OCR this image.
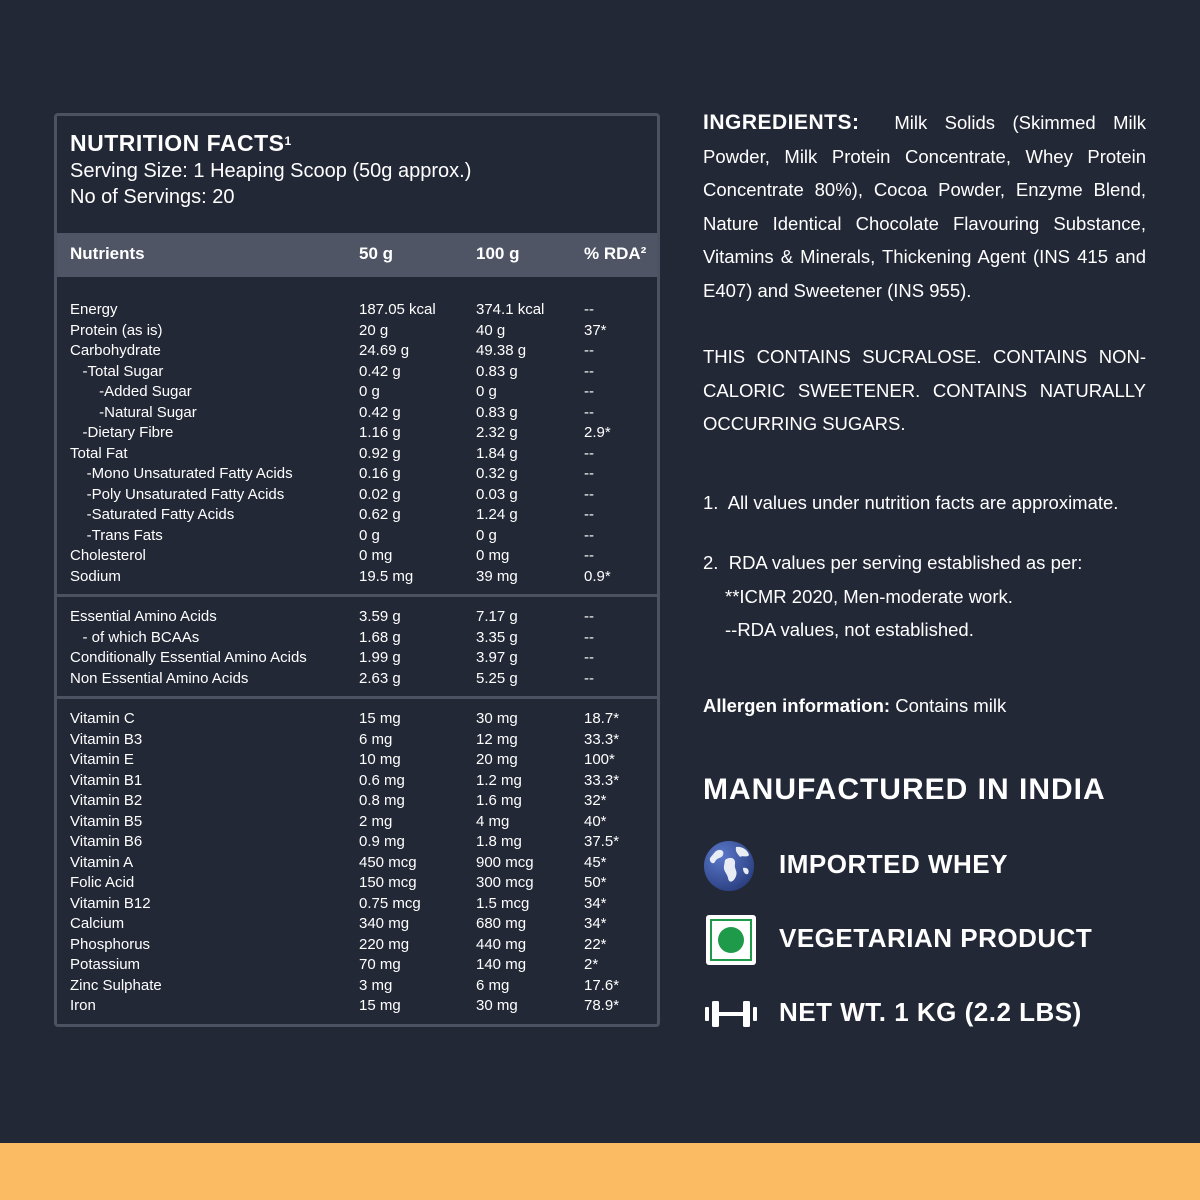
NUTRITION FACTS$^1$
Serving Size: 1 Heaping Scoop (50g approx.)
No of Servings: 20
Nutrients	50 g	100 g	% RDA²
Energy	187.05 kcal	374.1 kcal	--
Protein (as is)	20 g	40 g	37*
Carbohydrate	24.69 g	49.38 g	--
-Total Sugar	0.42 g	0.83 g	--
-Added Sugar	0 g	0 g	--
-Natural Sugar	0.42 g	0.83 g	--
-Dietary Fibre	1.16 g	2.32 g	2.9*
Total Fat	0.92 g	1.84 g	--
-Mono Unsaturated Fatty Acids	0.16 g	0.32 g	--
-Poly Unsaturated Fatty Acids	0.02 g	0.03 g	--
-Saturated Fatty Acids	0.62 g	1.24 g	--
-Trans Fats	0 g	0 g	--
Cholesterol	0 mg	0 mg	--
Sodium	19.5 mg	39 mg	0.9*
Essential Amino Acids	3.59 g	7.17 g	--
- of which BCAAs	1.68 g	3.35 g	--
Conditionally Essential Amino Acids	1.99 g	3.97 g	--
Non Essential Amino Acids	2.63 g	5.25 g	--
Vitamin C	15 mg	30 mg	18.7*
Vitamin B3	6 mg	12 mg	33.3*
Vitamin E	10 mg	20 mg	100*
Vitamin B1	0.6 mg	1.2 mg	33.3*
Vitamin B2	0.8 mg	1.6 mg	32*
Vitamin B5	2 mg	4 mg	40*
Vitamin B6	0.9 mg	1.8 mg	37.5*
Vitamin A	450 mcg	900 mcg	45*
Folic Acid	150 mcg	300 mcg	50*
Vitamin B12	0.75 mcg	1.5 mcg	34*
Calcium	340 mg	680 mg	34*
Phosphorus	220 mg	440 mg	22*
Potassium	70 mg	140 mg	2*
Zinc Sulphate	3 mg	6 mg	17.6*
Iron	15 mg	30 mg	78.9*
INGREDIENTS: Milk Solids (Skimmed Milk Powder, Milk Protein Concentrate, Whey Protein Concentrate 80%), Cocoa Powder, Enzyme Blend, Nature Identical Chocolate Flavouring Substance, Vitamins & Minerals, Thickening Agent (INS 415 and E407) and Sweetener (INS 955).
THIS CONTAINS SUCRALOSE. CONTAINS NON-CALORIC SWEETENER. CONTAINS NATURALLY OCCURRING SUGARS.
1.  All values under nutrition facts are approximate.
2.  RDA values per serving established as per:
**ICMR 2020, Men-moderate work.
--RDA values, not established.
Allergen information: Contains milk
MANUFACTURED IN INDIA
IMPORTED WHEY
VEGETARIAN PRODUCT
NET WT. 1 KG (2.2 LBS)
